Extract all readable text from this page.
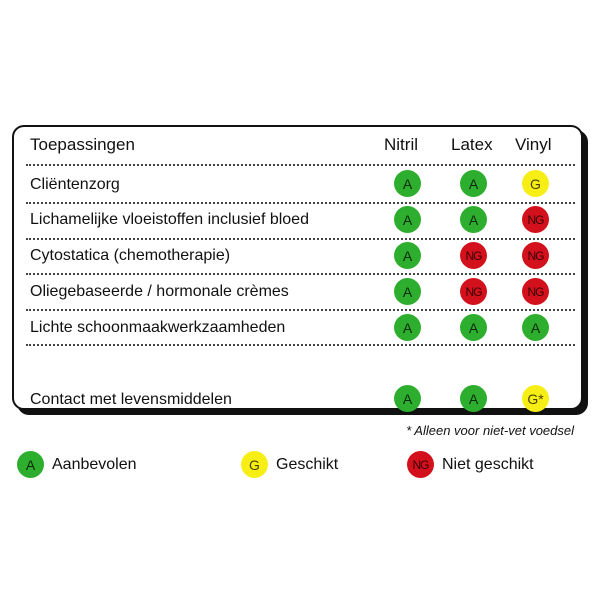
Toepassingen	Nitril Latex Vinyl
Cliëntenzorg	A	A	G
Lichamelijke vloeistoffen inclusief bloed	A	A	NG
Cytostatica (chemotherapie)	A	NG	NG
Oliegebaseerde / hormonale crèmes	A	NG	NG
Lichte schoonmaakwerkzaamheden	A	A	A
Contact met levensmiddelen	A	A	G*
* Alleen voor niet-vet voedsel
A	Aanbevolen	G	Geschikt	NG Niet geschikt
